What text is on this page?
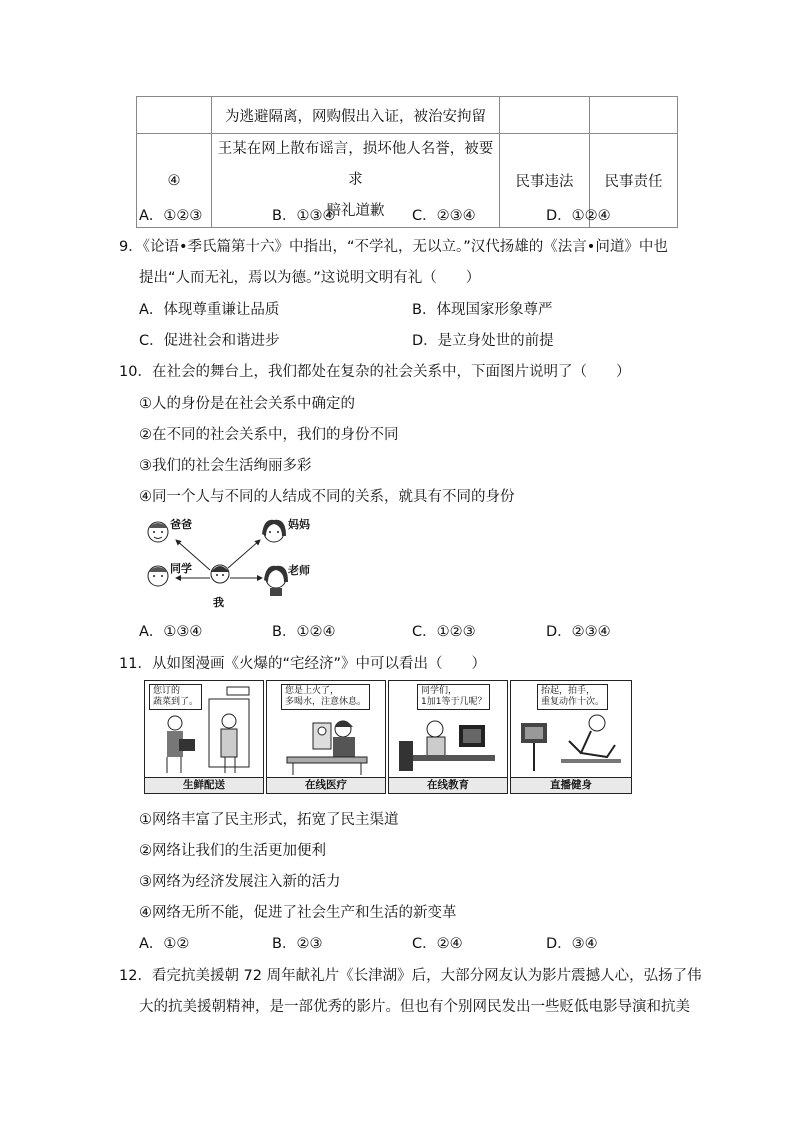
	为逃避隔离，网购假出入证，被治安拘留		
④	王某在网上散布谣言，损坏他人名誉，被要求
赔礼道歉	民事违法	民事责任
A．①②③	B．①③④	C．②③④	D．①②④
9．《论语•季氏篇第十六》中指出，“不学礼，无以立。”汉代扬雄的《法言•问道》中也
提出“人而无礼，焉以为德。”这说明文明有礼（　　）
A．体现尊重谦让品质	B．体现国家形象尊严
C．促进社会和谐进步	D．是立身处世的前提
10．在社会的舞台上，我们都处在复杂的社会关系中，下面图片说明了（　　）
①人的身份是在社会关系中确定的
②在不同的社会关系中，我们的身份不同
③我们的社会生活绚丽多彩
④同一个人与不同的人结成不同的关系，就具有不同的身份
爸爸	妈妈
同学	老师
我
A．①③④	B．①②④	C．①②③	D．②③④
11．从如图漫画《火爆的“宅经济”》中可以看出（　　）
您订的
蔬菜到了。
生鲜配送
您是上火了，
多喝水，注意休息。
在线医疗
同学们，
1加1等于几呢？
在线教育
抬起，拍手，
重复动作十次。
直播健身
①网络丰富了民主形式，拓宽了民主渠道
②网络让我们的生活更加便利
③网络为经济发展注入新的活力
④网络无所不能，促进了社会生产和生活的新变革
A．①②	B．②③	C．②④	D．③④
12．看完抗美援朝 72 周年献礼片《长津湖》后，大部分网友认为影片震撼人心，弘扬了伟
大的抗美援朝精神，是一部优秀的影片。但也有个别网民发出一些贬低电影导演和抗美
